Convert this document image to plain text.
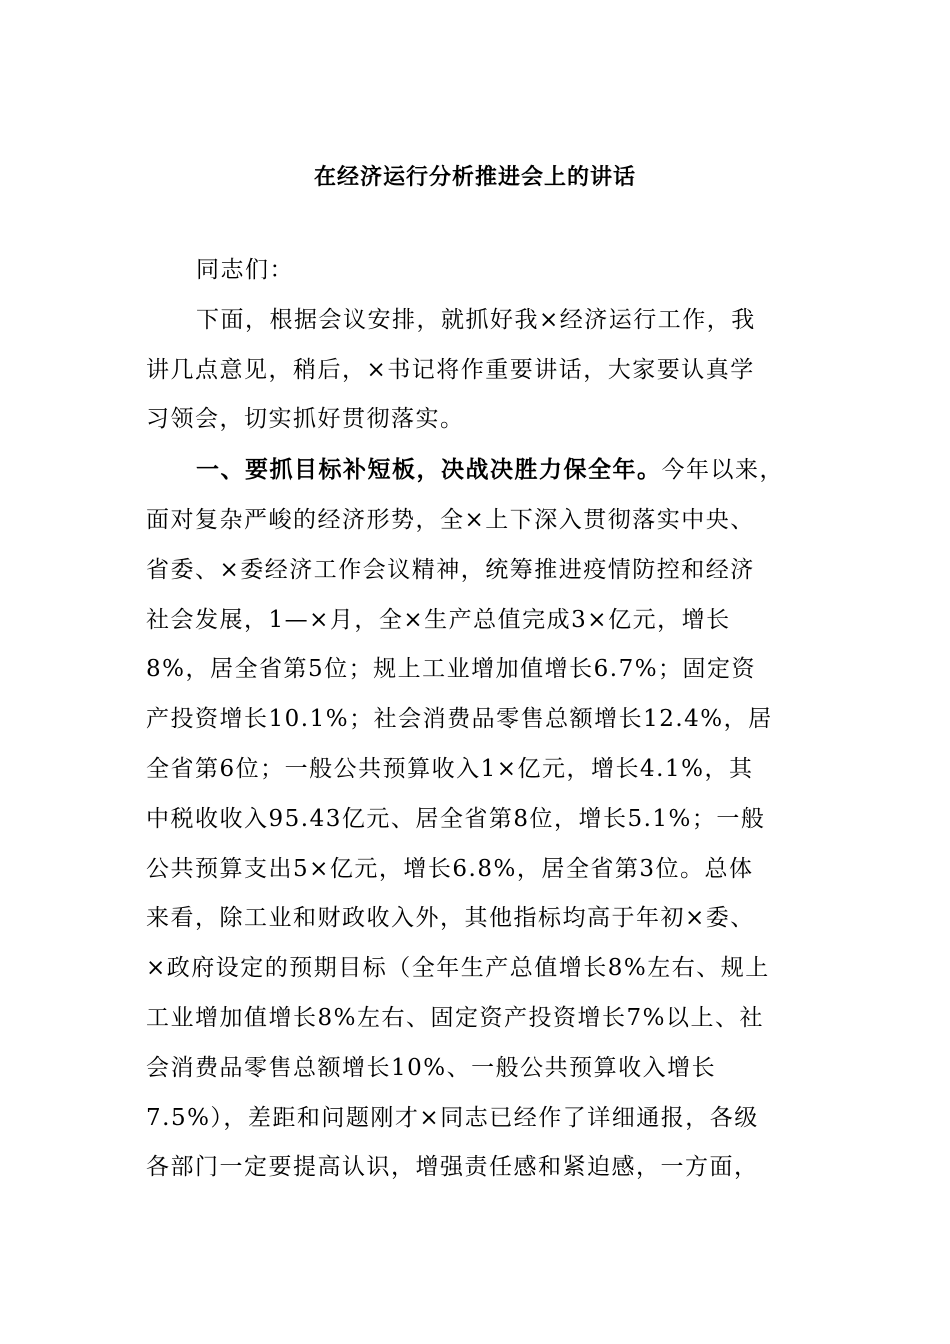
在经济运行分析推进会上的讲话
同志们：
下面，根据会议安排，就抓好我×经济运行工作，我
讲几点意见，稍后，×书记将作重要讲话，大家要认真学
习领会，切实抓好贯彻落实。
一、要抓目标补短板，决战决胜力保全年。今年以来，
面对复杂严峻的经济形势，全×上下深入贯彻落实中央、
省委、×委经济工作会议精神，统筹推进疫情防控和经济
社会发展，1—×月，全×生产总值完成3×亿元，增长
8%，居全省第5位；规上工业增加值增长6.7%；固定资
产投资增长10.1%；社会消费品零售总额增长12.4%，居
全省第6位；一般公共预算收入1×亿元，增长4.1%，其
中税收收入95.43亿元、居全省第8位，增长5.1%；一般
公共预算支出5×亿元，增长6.8%，居全省第3位。总体
来看，除工业和财政收入外，其他指标均高于年初×委、
×政府设定的预期目标（全年生产总值增长8%左右、规上
工业增加值增长8%左右、固定资产投资增长7%以上、社
会消费品零售总额增长10%、一般公共预算收入增长
7.5%），差距和问题刚才×同志已经作了详细通报，各级
各部门一定要提高认识，增强责任感和紧迫感，一方面，
